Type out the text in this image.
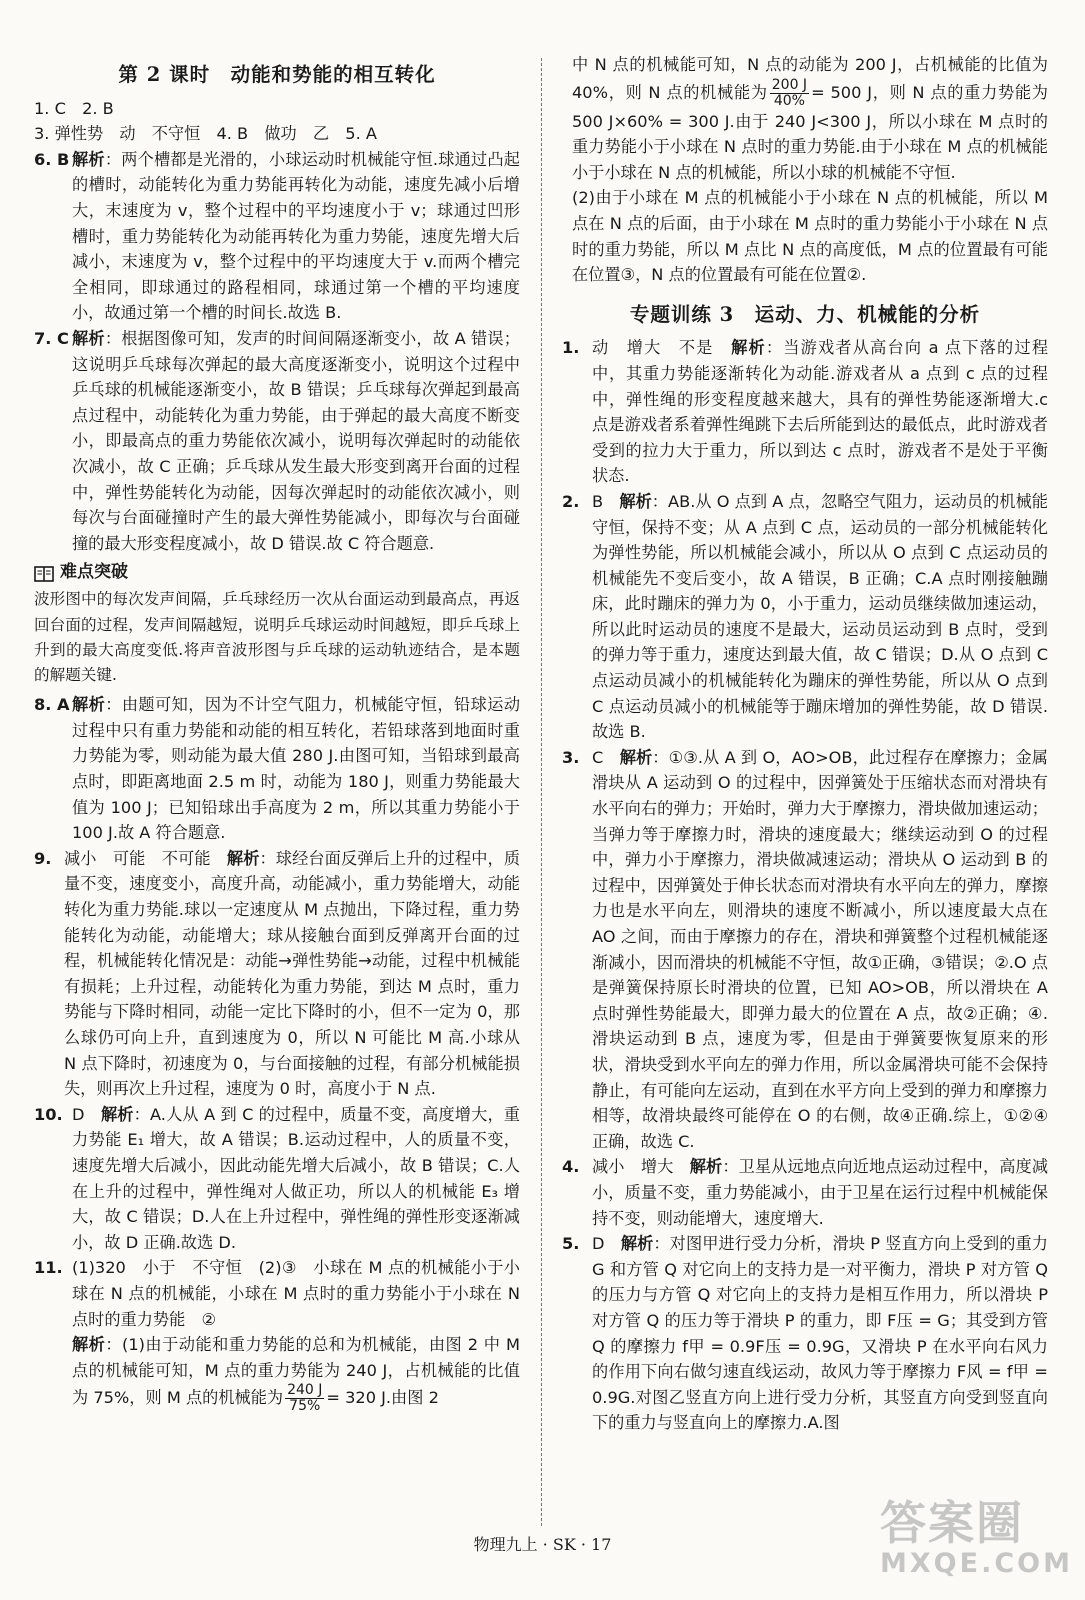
第 2 课时　动能和势能的相互转化
1. C　2. B
3. 弹性势　动　不守恒　4. B　做功　乙　5. A
6. B 解析：两个槽都是光滑的，小球运动时机械能守恒.球通过凸起的槽时，动能转化为重力势能再转化为动能，速度先减小后增大，末速度为 v，整个过程中的平均速度小于 v；球通过凹形槽时，重力势能转化为动能再转化为重力势能，速度先增大后减小，末速度为 v，整个过程中的平均速度大于 v.而两个槽完全相同，即球通过的路程相同，球通过第一个槽的平均速度小，故通过第一个槽的时间长.故选 B.
7. C 解析：根据图像可知，发声的时间间隔逐渐变小，故 A 错误；这说明乒乓球每次弹起的最大高度逐渐变小，说明这个过程中乒乓球的机械能逐渐变小，故 B 错误；乒乓球每次弹起到最高点过程中，动能转化为重力势能，由于弹起的最大高度不断变小，即最高点的重力势能依次减小，说明每次弹起时的动能依次减小，故 C 正确；乒乓球从发生最大形变到离开台面的过程中，弹性势能转化为动能，因每次弹起时的动能依次减小，则每次与台面碰撞时产生的最大弹性势能减小，即每次与台面碰撞的最大形变程度减小，故 D 错误.故 C 符合题意.
难点突破
波形图中的每次发声间隔，乒乓球经历一次从台面运动到最高点，再返回台面的过程，发声间隔越短，说明乒乓球运动时间越短，即乒乓球上升到的最大高度变低.将声音波形图与乒乓球的运动轨迹结合，是本题的解题关键.
8. A 解析：由题可知，因为不计空气阻力，机械能守恒，铅球运动过程中只有重力势能和动能的相互转化，若铅球落到地面时重力势能为零，则动能为最大值 280 J.由图可知，当铅球到最高点时，即距离地面 2.5 m 时，动能为 180 J，则重力势能最大值为 100 J；已知铅球出手高度为 2 m，所以其重力势能小于 100 J.故 A 符合题意.
9. 减小　可能　不可能　解析：球经台面反弹后上升的过程中，质量不变，速度变小，高度升高，动能减小，重力势能增大，动能转化为重力势能.球以一定速度从 M 点抛出，下降过程，重力势能转化为动能，动能增大；球从接触台面到反弹离开台面的过程，机械能转化情况是：动能→弹性势能→动能，过程中机械能有损耗；上升过程，动能转化为重力势能，到达 M 点时，重力势能与下降时相同，动能一定比下降时的小，但不一定为 0，那么球仍可向上升，直到速度为 0，所以 N 可能比 M 高.小球从 N 点下降时，初速度为 0，与台面接触的过程，有部分机械能损失，则再次上升过程，速度为 0 时，高度小于 N 点.
10. D　解析：A.人从 A 到 C 的过程中，质量不变，高度增大，重力势能 E₁ 增大，故 A 错误；B.运动过程中，人的质量不变，速度先增大后减小，因此动能先增大后减小，故 B 错误；C.人在上升的过程中，弹性绳对人做正功，所以人的机械能 E₃ 增大，故 C 错误；D.人在上升过程中，弹性绳的弹性形变逐渐减小，故 D 正确.故选 D.
11. (1)320　小于　不守恒　(2)③　小球在 M 点的机械能小于小球在 N 点的机械能，小球在 M 点时的重力势能小于小球在 N 点时的重力势能　②
解析：(1)由于动能和重力势能的总和为机械能，由图 2 中 M 点的机械能可知，M 点的重力势能为 240 J，占机械能的比值为 75%，则 M 点的机械能为 $\frac{240 J}{75\%} = 320$ J.由图 2
中 N 点的机械能可知，N 点的动能为 200 J，占机械能的比值为 40%，则 N 点的机械能为 $\frac{200 J}{40\%} = 500$ J，则 N 点的重力势能为 500 J×60% = 300 J.由于 240 J<300 J，所以小球在 M 点时的重力势能小于小球在 N 点时的重力势能.由于小球在 M 点的机械能小于小球在 N 点的机械能，所以小球的机械能不守恒.
(2)由于小球在 M 点的机械能小于小球在 N 点的机械能，所以 M 点在 N 点的后面，由于小球在 M 点时的重力势能小于小球在 N 点时的重力势能，所以 M 点比 N 点的高度低，M 点的位置最有可能在位置③，N 点的位置最有可能在位置②.
专题训练 3　运动、力、机械能的分析
1. 动　增大　不是　解析：当游戏者从高台向 a 点下落的过程中，其重力势能逐渐转化为动能.游戏者从 a 点到 c 点的过程中，弹性绳的形变程度越来越大，具有的弹性势能逐渐增大.c 点是游戏者系着弹性绳跳下去后所能到达的最低点，此时游戏者受到的拉力大于重力，所以到达 c 点时，游戏者不是处于平衡状态.
2. B　解析：AB.从 O 点到 A 点，忽略空气阻力，运动员的机械能守恒，保持不变；从 A 点到 C 点，运动员的一部分机械能转化为弹性势能，所以机械能会减小，所以从 O 点到 C 点运动员的机械能先不变后变小，故 A 错误，B 正确；C.A 点时刚接触蹦床，此时蹦床的弹力为 0，小于重力，运动员继续做加速运动，所以此时运动员的速度不是最大，运动员运动到 B 点时，受到的弹力等于重力，速度达到最大值，故 C 错误；D.从 O 点到 C 点运动员减小的机械能转化为蹦床的弹性势能，所以从 O 点到 C 点运动员减小的机械能等于蹦床增加的弹性势能，故 D 错误.故选 B.
3. C　解析：①③.从 A 到 O，AO>OB，此过程存在摩擦力；金属滑块从 A 运动到 O 的过程中，因弹簧处于压缩状态而对滑块有水平向右的弹力；开始时，弹力大于摩擦力，滑块做加速运动；当弹力等于摩擦力时，滑块的速度最大；继续运动到 O 的过程中，弹力小于摩擦力，滑块做减速运动；滑块从 O 运动到 B 的过程中，因弹簧处于伸长状态而对滑块有水平向左的弹力，摩擦力也是水平向左，则滑块的速度不断减小，所以速度最大点在 AO 之间，而由于摩擦力的存在，滑块和弹簧整个过程机械能逐渐减小，因而滑块的机械能不守恒，故①正确，③错误；②.O 点是弹簧保持原长时滑块的位置，已知 AO>OB，所以滑块在 A 点时弹性势能最大，即弹力最大的位置在 A 点，故②正确；④.滑块运动到 B 点，速度为零，但是由于弹簧要恢复原来的形状，滑块受到水平向左的弹力作用，所以金属滑块可能不会保持静止，有可能向左运动，直到在水平方向上受到的弹力和摩擦力相等，故滑块最终可能停在 O 的右侧，故④正确.综上，①②④正确，故选 C.
4. 减小　增大　解析：卫星从远地点向近地点运动过程中，高度减小，质量不变，重力势能减小，由于卫星在运行过程中机械能保持不变，则动能增大，速度增大.
5. D　解析：对图甲进行受力分析，滑块 P 竖直方向上受到的重力 G 和方管 Q 对它向上的支持力是一对平衡力，滑块 P 对方管 Q 的压力与方管 Q 对它向上的支持力是相互作用力，所以滑块 P 对方管 Q 的压力等于滑块 P 的重力，即 F压 = G；其受到方管 Q 的摩擦力 f甲 = 0.9F压 = 0.9G，又滑块 P 在水平向右风力的作用下向右做匀速直线运动，故风力等于摩擦力 F风 = f甲 = 0.9G.对图乙竖直方向上进行受力分析，其竖直方向受到竖直向下的重力与竖直向上的摩擦力.A.图
物理九上 · SK · 17	答案圈
MXQE.COM
